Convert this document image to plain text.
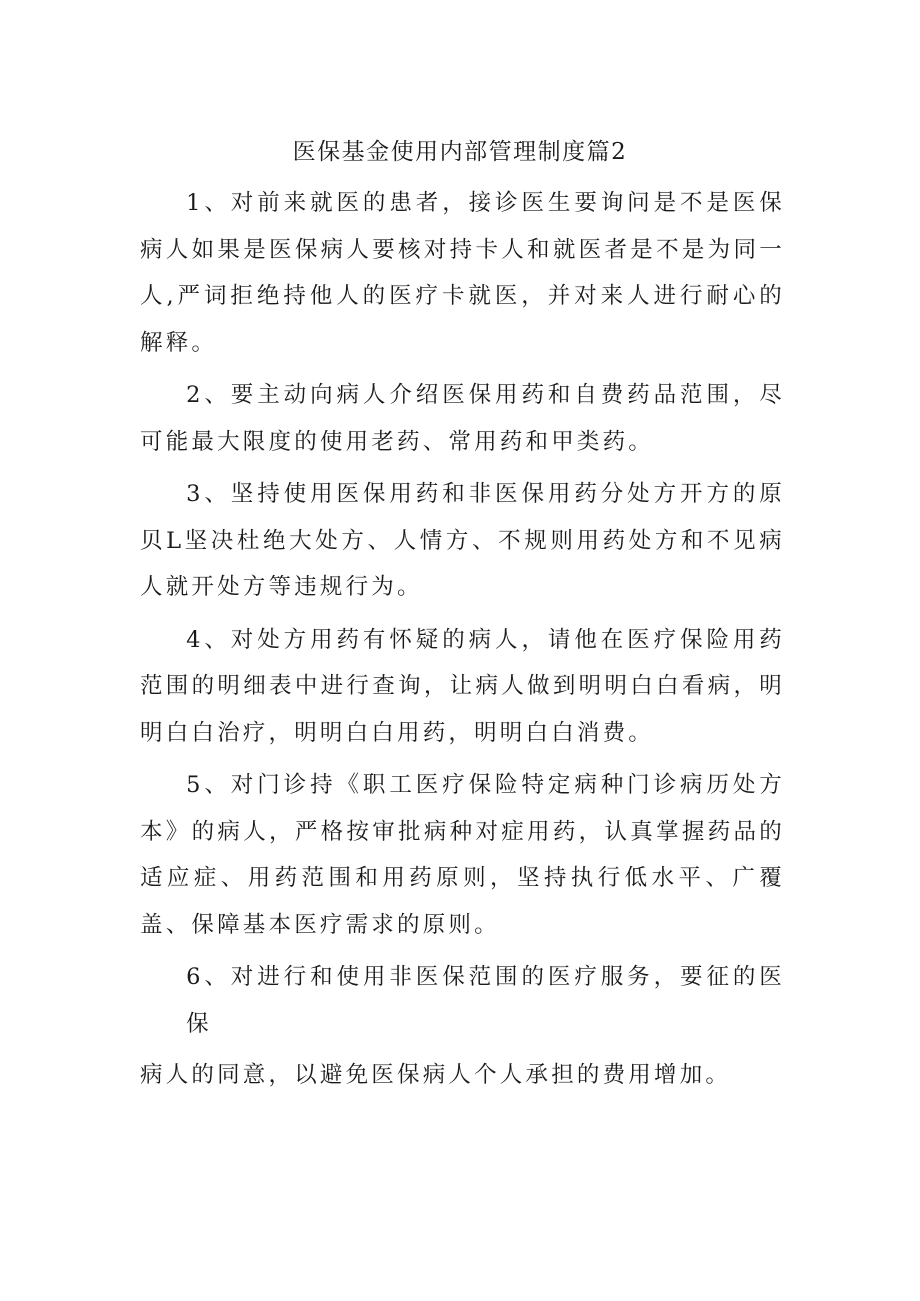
医保基金使用内部管理制度篇2

1、对前来就医的患者，接诊医生要询问是不是医保病人如果是医保病人要核对持卡人和就医者是不是为同一人,严词拒绝持他人的医疗卡就医，并对来人进行耐心的解释。

2、要主动向病人介绍医保用药和自费药品范围，尽可能最大限度的使用老药、常用药和甲类药。

3、坚持使用医保用药和非医保用药分处方开方的原贝L坚决杜绝大处方、人情方、不规则用药处方和不见病人就开处方等违规行为。

4、对处方用药有怀疑的病人，请他在医疗保险用药范围的明细表中进行查询，让病人做到明明白白看病，明明白白治疗，明明白白用药，明明白白消费。

5、对门诊持《职工医疗保险特定病种门诊病历处方本》的病人，严格按审批病种对症用药，认真掌握药品的适应症、用药范围和用药原则，坚持执行低水平、广覆盖、保障基本医疗需求的原则。

6、对进行和使用非医保范围的医疗服务，要征的医保
病人的同意，以避免医保病人个人承担的费用增加。
